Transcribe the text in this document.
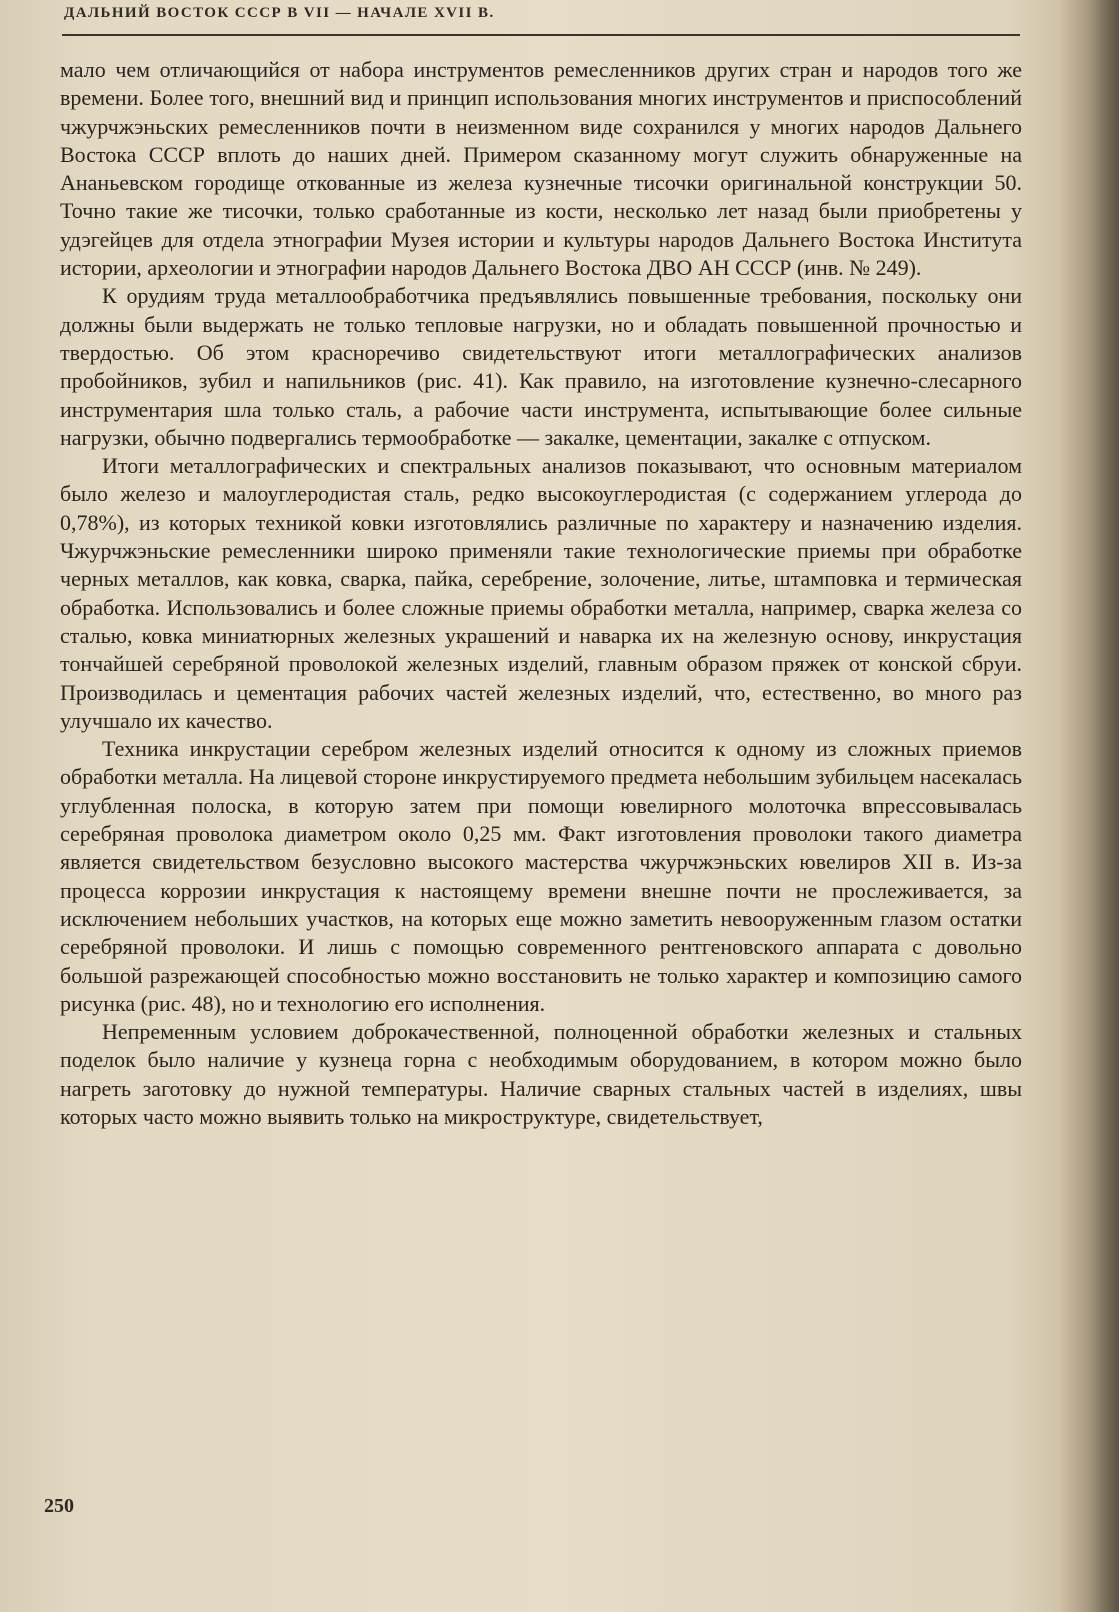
ДАЛЬНИЙ ВОСТОК СССР В VII — НАЧАЛЕ XVII В.

мало чем отличающийся от набора инструментов ремесленников других стран и народов того же времени. Более того, внешний вид и принцип использования многих инструментов и приспособлений чжурчжэньских ремесленников почти в неизменном виде сохранился у многих народов Дальнего Востока СССР вплоть до наших дней. Примером сказанному могут служить обнаруженные на Ананьевском городище откованные из железа кузнечные тисочки оригинальной конструкции 50. Точно такие же тисочки, только сработанные из кости, несколько лет назад были приобретены у удэгейцев для отдела этнографии Музея истории и культуры народов Дальнего Востока Института истории, археологии и этнографии народов Дальнего Востока ДВО АН СССР (инв. № 249).

К орудиям труда металлообработчика предъявлялись повышенные требования, поскольку они должны были выдержать не только тепловые нагрузки, но и обладать повышенной прочностью и твердостью. Об этом красноречиво свидетельствуют итоги металлографических анализов пробойников, зубил и напильников (рис. 41). Как правило, на изготовление кузнечно-слесарного инструментария шла только сталь, а рабочие части инструмента, испытывающие более сильные нагрузки, обычно подвергались термообработке — закалке, цементации, закалке с отпуском.

Итоги металлографических и спектральных анализов показывают, что основным материалом было железо и малоуглеродистая сталь, редко высокоуглеродистая (с содержанием углерода до 0,78%), из которых техникой ковки изготовлялись различные по характеру и назначению изделия. Чжурчжэньские ремесленники широко применяли такие технологические приемы при обработке черных металлов, как ковка, сварка, пайка, серебрение, золочение, литье, штамповка и термическая обработка. Использовались и более сложные приемы обработки металла, например, сварка железа со сталью, ковка миниатюрных железных украшений и наварка их на железную основу, инкрустация тончайшей серебряной проволокой железных изделий, главным образом пряжек от конской сбруи. Производилась и цементация рабочих частей железных изделий, что, естественно, во много раз улучшало их качество.

Техника инкрустации серебром железных изделий относится к одному из сложных приемов обработки металла. На лицевой стороне инкрустируемого предмета небольшим зубильцем насекалась углубленная полоска, в которую затем при помощи ювелирного молоточка впрессовывалась серебряная проволока диаметром около 0,25 мм. Факт изготовления проволоки такого диаметра является свидетельством безусловно высокого мастерства чжурчжэньских ювелиров XII в. Из-за процесса коррозии инкрустация к настоящему времени внешне почти не прослеживается, за исключением небольших участков, на которых еще можно заметить невооруженным глазом остатки серебряной проволоки. И лишь с помощью современного рентгеновского аппарата с довольно большой разрежающей способностью можно восстановить не только характер и композицию самого рисунка (рис. 48), но и технологию его исполнения.

Непременным условием доброкачественной, полноценной обработки железных и стальных поделок было наличие у кузнеца горна с необходимым оборудованием, в котором можно было нагреть заготовку до нужной температуры. Наличие сварных стальных частей в изделиях, швы которых часто можно выявить только на микроструктуре, свидетельствует,

250
